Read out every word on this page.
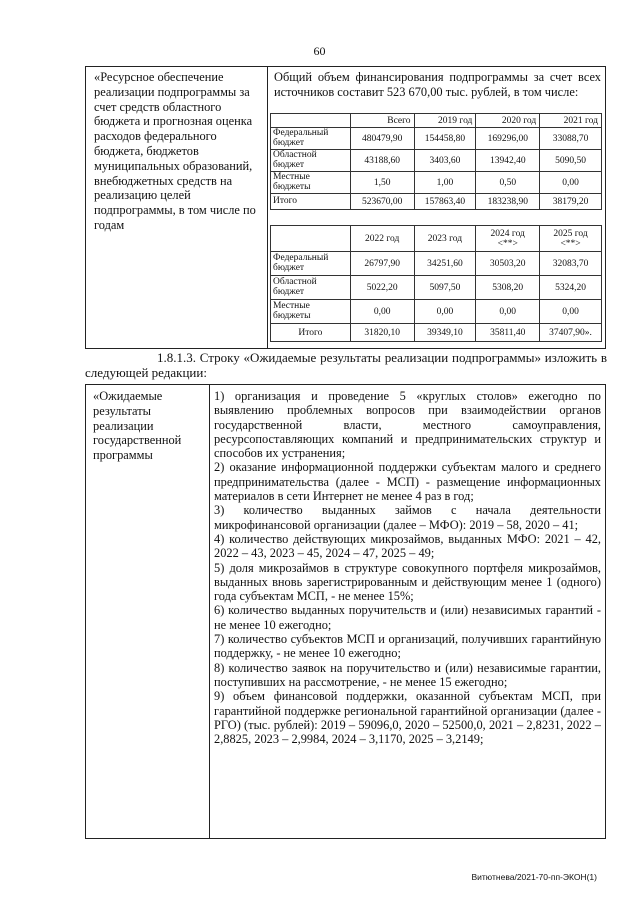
60
«Ресурсное обеспечение реализации подпрограммы за счет средств областного бюджета и прогнозная оценка расходов федерального бюджета, бюджетов муниципальных образований, внебюджетных средств на реализацию целей подпрограммы, в том числе по годам
Общий объем финансирования подпрограммы за счет всех источников составит 523 670,00 тыс. рублей, в том числе:
	Всего	2019 год	2020 год	2021 год
Федеральный бюджет	480479,90	154458,80	169296,00	33088,70
Областной бюджет	43188,60	3403,60	13942,40	5090,50
Местные бюджеты	1,50	1,00	0,50	0,00
Итого	523670,00	157863,40	183238,90	38179,20
	2022 год	2023 год	2024 год <**>	2025 год <**>
Федеральный бюджет	26797,90	34251,60	30503,20	32083,70
Областной бюджет	5022,20	5097,50	5308,20	5324,20
Местные бюджеты	0,00	0,00	0,00	0,00
Итого	31820,10	39349,10	35811,40	37407,90».
1.8.1.3. Строку «Ожидаемые результаты реализации подпрограммы» изложить в следующей редакции:
«Ожидаемые результаты реализации государственной программы

1) организация и проведение 5 «круглых столов» ежегодно по выявлению проблемных вопросов при взаимодействии органов государственной власти, местного самоуправления, ресурсопоставляющих компаний и предпринимательских структур и способов их устранения;

2) оказание информационной поддержки субъектам малого и среднего предпринимательства (далее - МСП) - размещение информационных материалов в сети Интернет не менее 4 раз в год;

3) количество выданных займов с начала деятельности микрофинансовой организации (далее – МФО): 2019 – 58, 2020 – 41;

4) количество действующих микрозаймов, выданных МФО: 2021 – 42, 2022 – 43, 2023 – 45, 2024 – 47, 2025 – 49;

5) доля микрозаймов в структуре совокупного портфеля микрозаймов, выданных вновь зарегистрированным и действующим менее 1 (одного) года субъектам МСП, - не менее 15%;

6) количество выданных поручительств и (или) независимых гарантий - не менее 10 ежегодно;

7) количество субъектов МСП и организаций, получивших гарантийную поддержку, - не менее 10 ежегодно;

8) количество заявок на поручительство и (или) независимые гарантии, поступивших на рассмотрение, - не менее 15 ежегодно;

9) объем финансовой поддержки, оказанной субъектам МСП, при гарантийной поддержке региональной гарантийной организации (далее - РГО) (тыс. рублей): 2019 – 59096,0, 2020 – 52500,0, 2021 – 2,8231, 2022 – 2,8825, 2023 – 2,9984, 2024 – 3,1170, 2025 – 3,2149;

Витютнева/2021-70-пп-ЭКОН(1)
